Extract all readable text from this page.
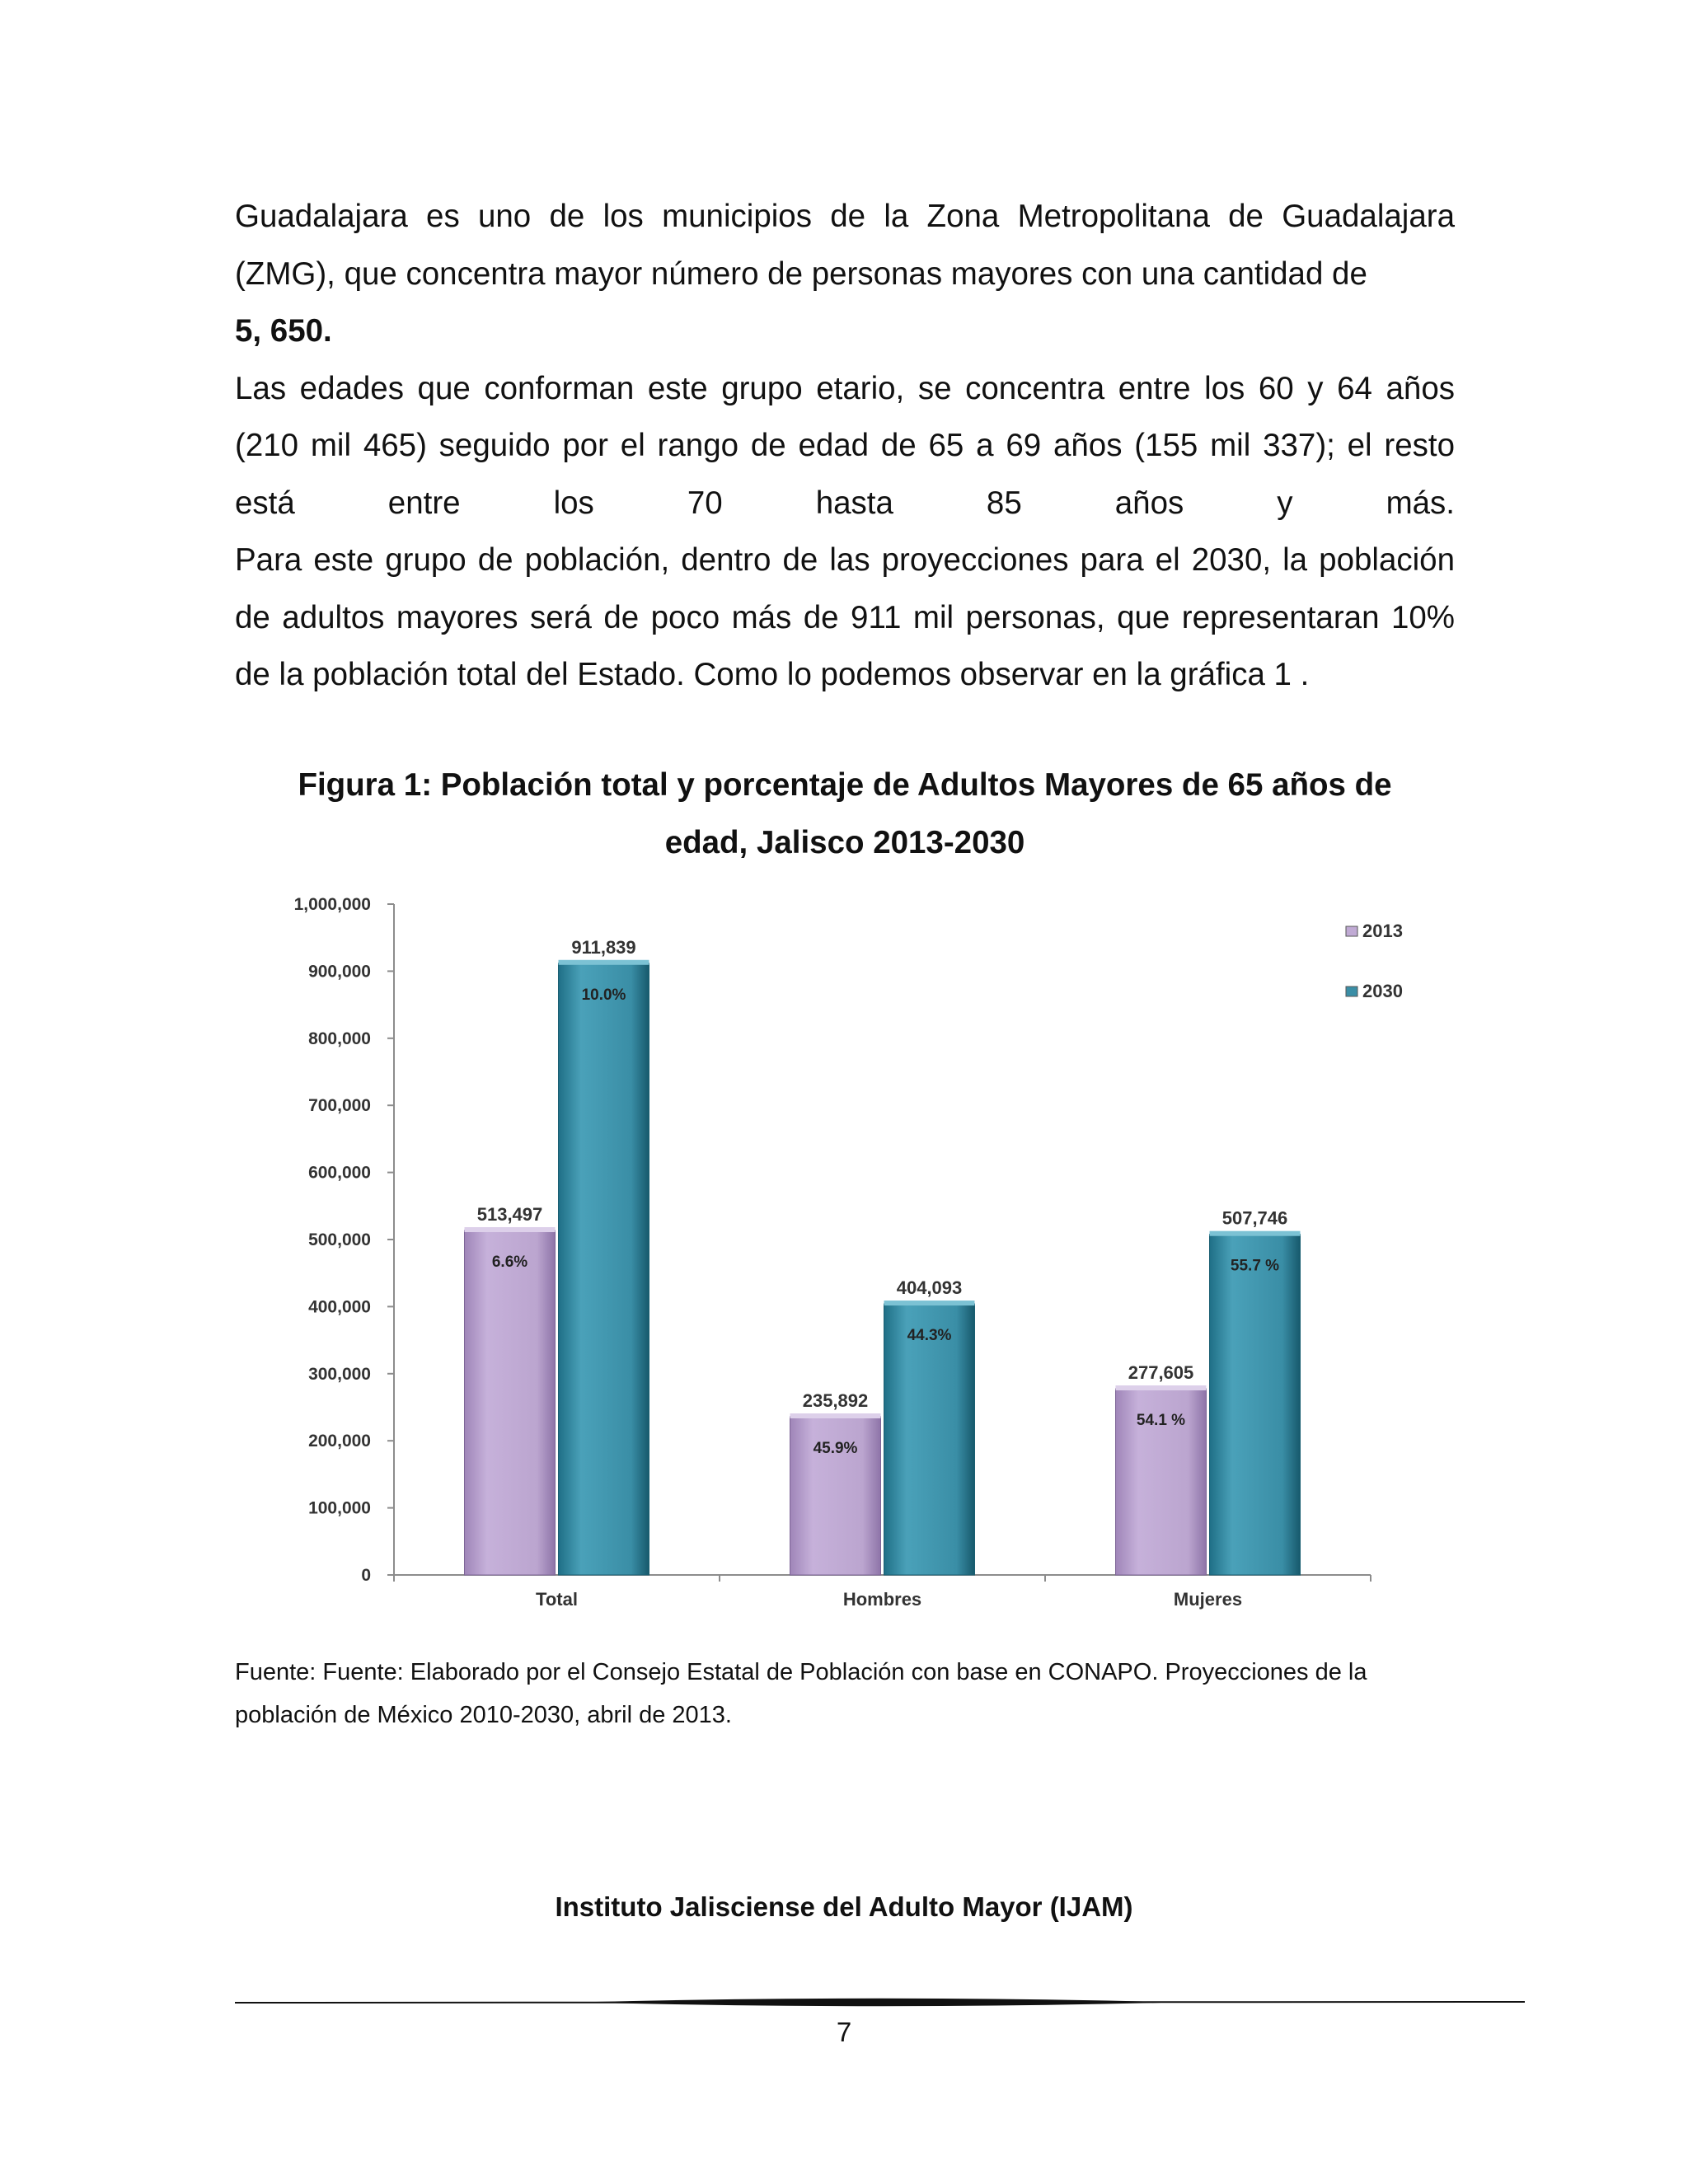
Guadalajara es uno de los municipios de la Zona Metropolitana de Guadalajara (ZMG), que concentra mayor número de personas mayores con una cantidad de

5, 650.

Las edades que conforman este grupo etario, se concentra entre los 60 y 64 años (210 mil 465) seguido por el rango de edad de 65 a 69 años (155 mil 337); el resto está entre los 70 hasta 85 años y más.

Para este grupo de población, dentro de las proyecciones para el 2030, la población de adultos mayores será de poco más de 911 mil personas, que representaran 10% de la población total del Estado. Como lo podemos observar en la gráfica 1 .

Figura 1: Población total y porcentaje de Adultos Mayores de 65 años de
edad, Jalisco 2013-2030
0
100,000
200,000
300,000
400,000
500,000
600,000
700,000
800,000
900,000
1,000,000
Total
513,497
6.6%
911,839
10.0%
Hombres
235,892
45.9%
404,093
44.3%
Mujeres
277,605
54.1 %
507,746
55.7 %
2013
2030
Fuente: Fuente: Elaborado por el Consejo Estatal de Población con base en CONAPO. Proyecciones de la
población de México 2010-2030, abril de 2013.
Instituto Jalisciense del Adulto Mayor (IJAM)
7
